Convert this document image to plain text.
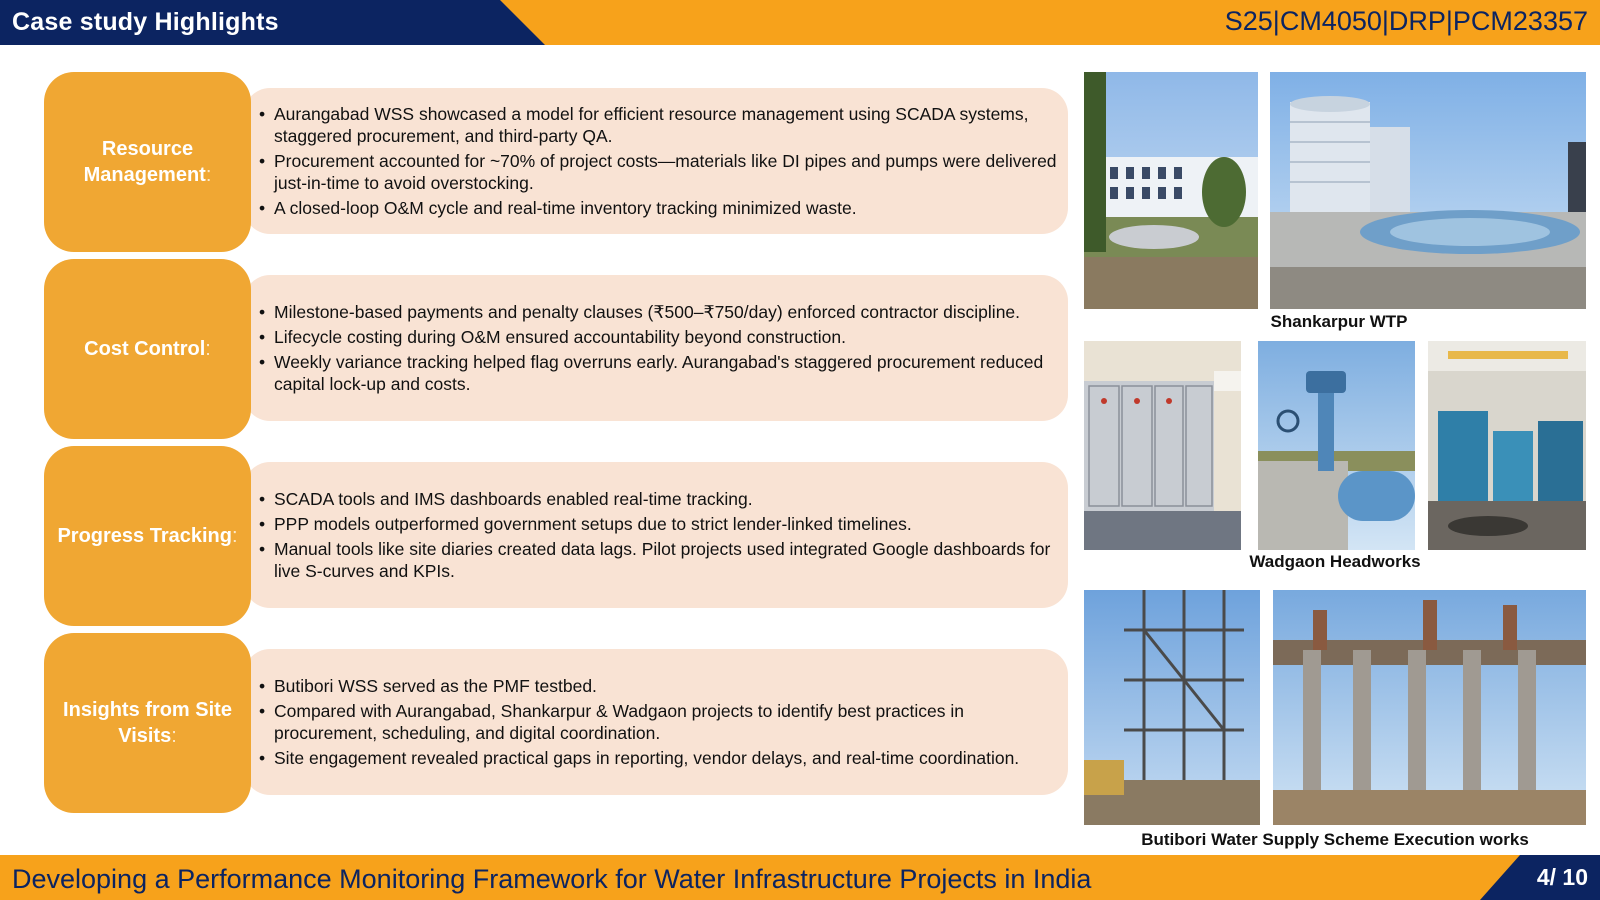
Case study Highlights	S25|CM4050|DRP|PCM23357
Resource Management:
• Aurangabad WSS showcased a model for efficient resource management using SCADA systems, staggered procurement, and third-party QA.
• Procurement accounted for ~70% of project costs—materials like DI pipes and pumps were delivered just-in-time to avoid overstocking.
• A closed-loop O&M cycle and real-time inventory tracking minimized waste.
Cost Control:
• Milestone-based payments and penalty clauses (₹500–₹750/day) enforced contractor discipline.
• Lifecycle costing during O&M ensured accountability beyond construction.
• Weekly variance tracking helped flag overruns early. Aurangabad's staggered procurement reduced capital lock-up and costs.
Progress Tracking:
• SCADA tools and IMS dashboards enabled real-time tracking.
• PPP models outperformed government setups due to strict lender-linked timelines.
• Manual tools like site diaries created data lags. Pilot projects used integrated Google dashboards for live S-curves and KPIs.
Insights from Site Visits:
• Butibori WSS served as the PMF testbed.
• Compared with Aurangabad, Shankarpur & Wadgaon projects to identify best practices in procurement, scheduling, and digital coordination.
• Site engagement revealed practical gaps in reporting, vendor delays, and real-time coordination.
Shankarpur WTP
Wadgaon Headworks
Butibori Water Supply Scheme Execution works
Developing a Performance Monitoring Framework for Water Infrastructure Projects in India	4/ 10
